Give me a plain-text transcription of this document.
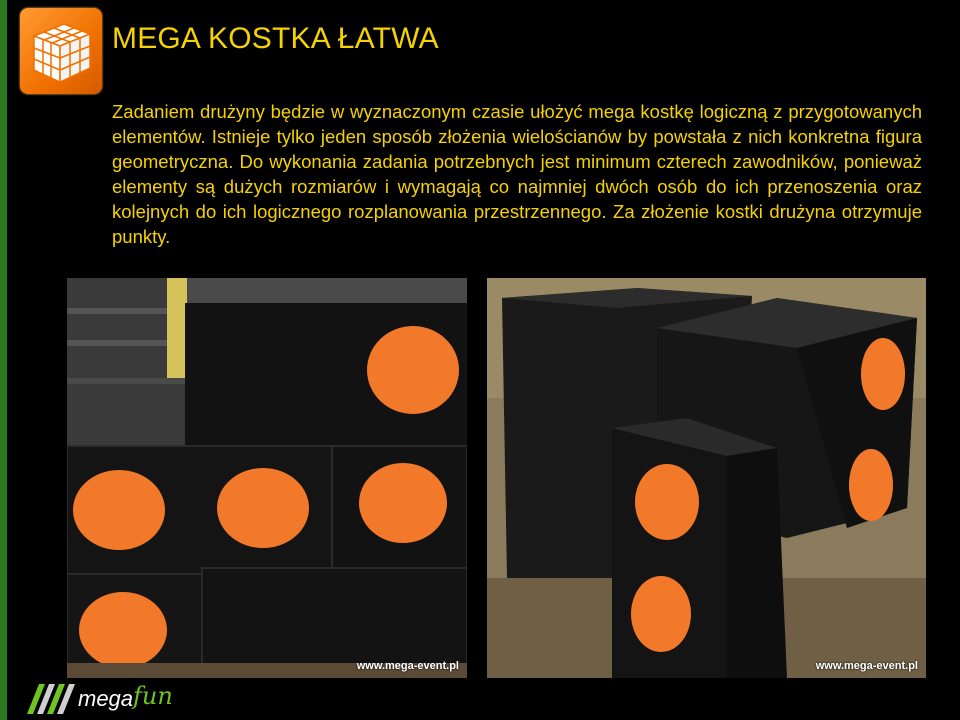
MEGA KOSTKA ŁATWA
Zadaniem drużyny będzie w wyznaczonym czasie ułożyć mega kostkę logiczną z przygotowanych elementów. Istnieje tylko jeden sposób złożenia wielościanów by powstała z nich konkretna figura geometryczna. Do wykonania zadania potrzebnych jest minimum czterech zawodników, ponieważ elementy są dużych rozmiarów i wymagają co najmniej dwóch osób do ich przenoszenia oraz kolejnych do ich logicznego rozplanowania przestrzennego. Za złożenie kostki drużyna otrzymuje punkty.
www.mega-event.pl	www.mega-event.pl
mega fun
